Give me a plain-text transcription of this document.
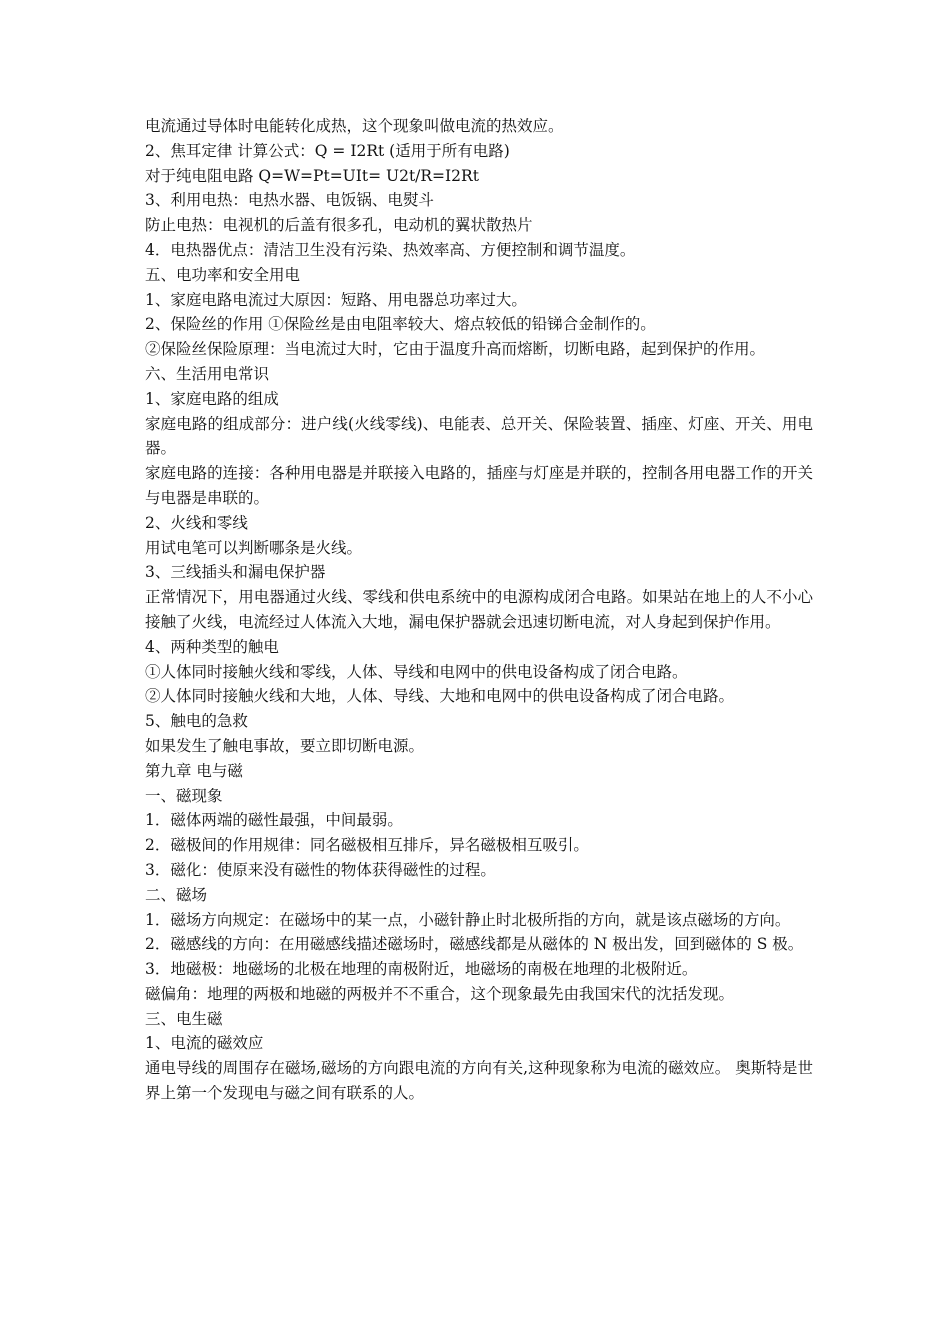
电流通过导体时电能转化成热，这个现象叫做电流的热效应。

2、焦耳定律 计算公式：Q = I2Rt (适用于所有电路)

对于纯电阻电路 Q=W=Pt=UIt= U2t/R=I2Rt

3、利用电热：电热水器、电饭锅、电熨斗

防止电热：电视机的后盖有很多孔，电动机的翼状散热片

4．电热器优点：清洁卫生没有污染、热效率高、方便控制和调节温度。

五、电功率和安全用电

1、家庭电路电流过大原因：短路、用电器总功率过大。

2、保险丝的作用 ①保险丝是由电阻率较大、熔点较低的铅锑合金制作的。

②保险丝保险原理：当电流过大时，它由于温度升高而熔断，切断电路，起到保护的作用。

六、生活用电常识

1、家庭电路的组成

家庭电路的组成部分：进户线(火线零线)、电能表、总开关、保险装置、插座、灯座、开关、用电器。

家庭电路的连接：各种用电器是并联接入电路的，插座与灯座是并联的，控制各用电器工作的开关与电器是串联的。

2、火线和零线

用试电笔可以判断哪条是火线。

3、三线插头和漏电保护器

正常情况下，用电器通过火线、零线和供电系统中的电源构成闭合电路。如果站在地上的人不小心接触了火线，电流经过人体流入大地，漏电保护器就会迅速切断电流，对人身起到保护作用。

4、两种类型的触电

①人体同时接触火线和零线，人体、导线和电网中的供电设备构成了闭合电路。

②人体同时接触火线和大地，人体、导线、大地和电网中的供电设备构成了闭合电路。

5、触电的急救

如果发生了触电事故，要立即切断电源。

第九章 电与磁

一、磁现象

1．磁体两端的磁性最强，中间最弱。

2．磁极间的作用规律：同名磁极相互排斥，异名磁极相互吸引。

3．磁化：使原来没有磁性的物体获得磁性的过程。

二、磁场

1．磁场方向规定：在磁场中的某一点，小磁针静止时北极所指的方向，就是该点磁场的方向。

2．磁感线的方向：在用磁感线描述磁场时，磁感线都是从磁体的 N 极出发，回到磁体的 S 极。

3．地磁极：地磁场的北极在地理的南极附近，地磁场的南极在地理的北极附近。

磁偏角：地理的两极和地磁的两极并不不重合，这个现象最先由我国宋代的沈括发现。

三、电生磁

1、电流的磁效应

通电导线的周围存在磁场,磁场的方向跟电流的方向有关,这种现象称为电流的磁效应。 奥斯特是世界上第一个发现电与磁之间有联系的人。
